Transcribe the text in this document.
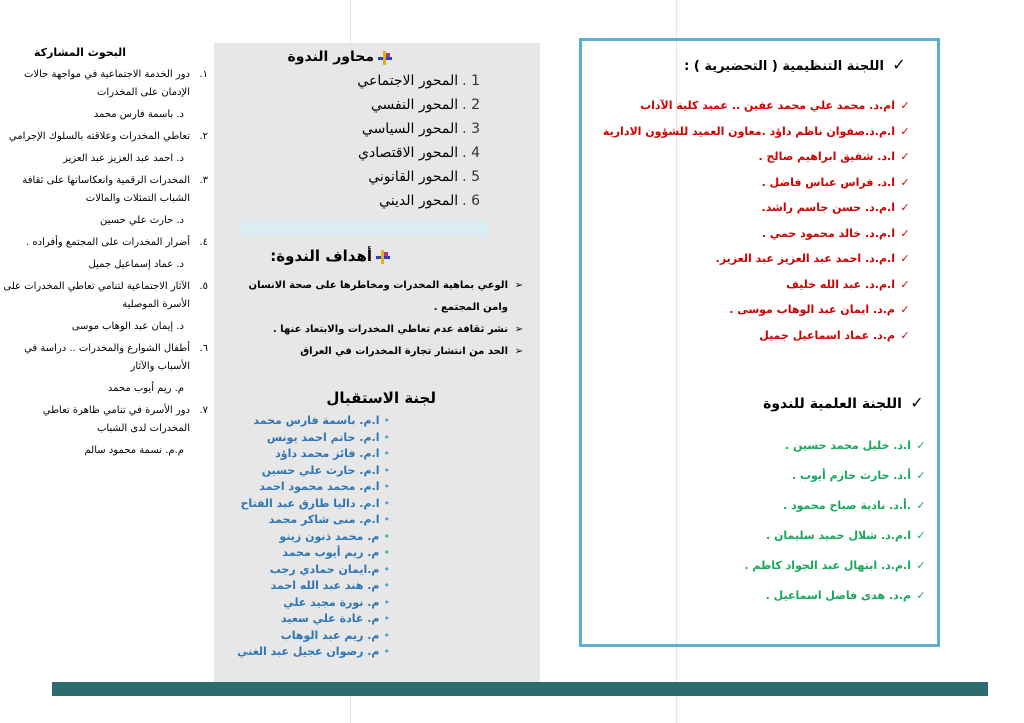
البحوث المشاركة
١.
دور الخدمة الاجتماعية في مواجهة حالات الإدمان على المخدرات
د. باسمة فارس محمد
٢.
تعاطي المخدرات وعلاقته بالسلوك الإجرامي
د. احمد عبد العزيز عبد العزيز
٣.
المخدرات الرقمية وانعكاساتها على ثقافة الشباب التمثلات والمالات
د. حارث علي حسين
٤.
أضرار المخدرات على المجتمع وأفراده .
د. عماد إسماعيل جميل
٥.
الآثار الاجتماعية لتنامي تعاطي المخدرات على الأسرة الموصلية
د. إيمان عبد الوهاب موسى
٦.
أطفال الشوارع والمخدرات .. دراسة في الأسباب والآثار
م. ريم أيوب محمد
٧.
دور الأسرة في تنامي ظاهرة تعاطي المخدرات لدى الشباب
م.م. نسمة محمود سالم
محاور الندوة
1 .المحور الاجتماعي
2 .المحور النفسي
3 .المحور السياسي
4 .المحور الاقتصادي
5 .المحور القانوني
6 .المحور الديني
أهداف الندوة:
➢
الوعي بماهية المخدرات ومخاطرها على صحة الانسان وامن المجتمع .
➢
نشر ثقافة عدم تعاطي المخدرات والابتعاد عنها .
➢
الحد من انتشار تجارة المخدرات في العراق
لجنة الاستقبال
• ا.م. باسمة فارس محمد
• ا.م. حاتم احمد يونس
• ا.م. فائز محمد داؤد
• ا.م. حارث علي حسين
• ا.م. محمد محمود احمد
• ا.م. داليا طارق عبد الفتاح
• ا.م. منى شاكر محمد
• م. محمد ذنون زينو
• م. ريم أيوب محمد
• م.ايمان حمادي رجب
• م. هند عبد الله احمد
• م. نورة مجيد علي
• م. غادة علي سعيد
• م. ريم عبد الوهاب
• م. رضوان عجيل عبد الغني
✓ اللجنة التنظيمية ( التحضيرية ) :
✓ام.د. محمد علي محمد عفين .. عميد كلية الآداب
✓ا.م.د.صفوان ناظم داؤد .معاون العميد للشؤون الادارية
✓ا.د. شفيق ابراهيم صالح .
✓ا.د. فراس عباس فاضل .
✓ا.م.د. حسن جاسم راشد.
✓ا.م.د. خالد محمود حمي .
✓ا.م.د. احمد عبد العزيز عبد العزيز.
✓ا.م.د. عبد الله خليف
✓م.د. ايمان عبد الوهاب موسى .
✓م.د. عماد اسماعيل جميل
✓ اللجنة العلمية للندوة
✓ا.د. خليل محمد حسين .
✓أ.د. حارث حازم أيوب .
✓.أ.د. نادية صباح محمود .
✓ا.م.د. شلال حميد سليمان .
✓ا.م.د. ابتهال عبد الجواد كاظم .
✓م.د. هدى فاضل اسماعيل .
